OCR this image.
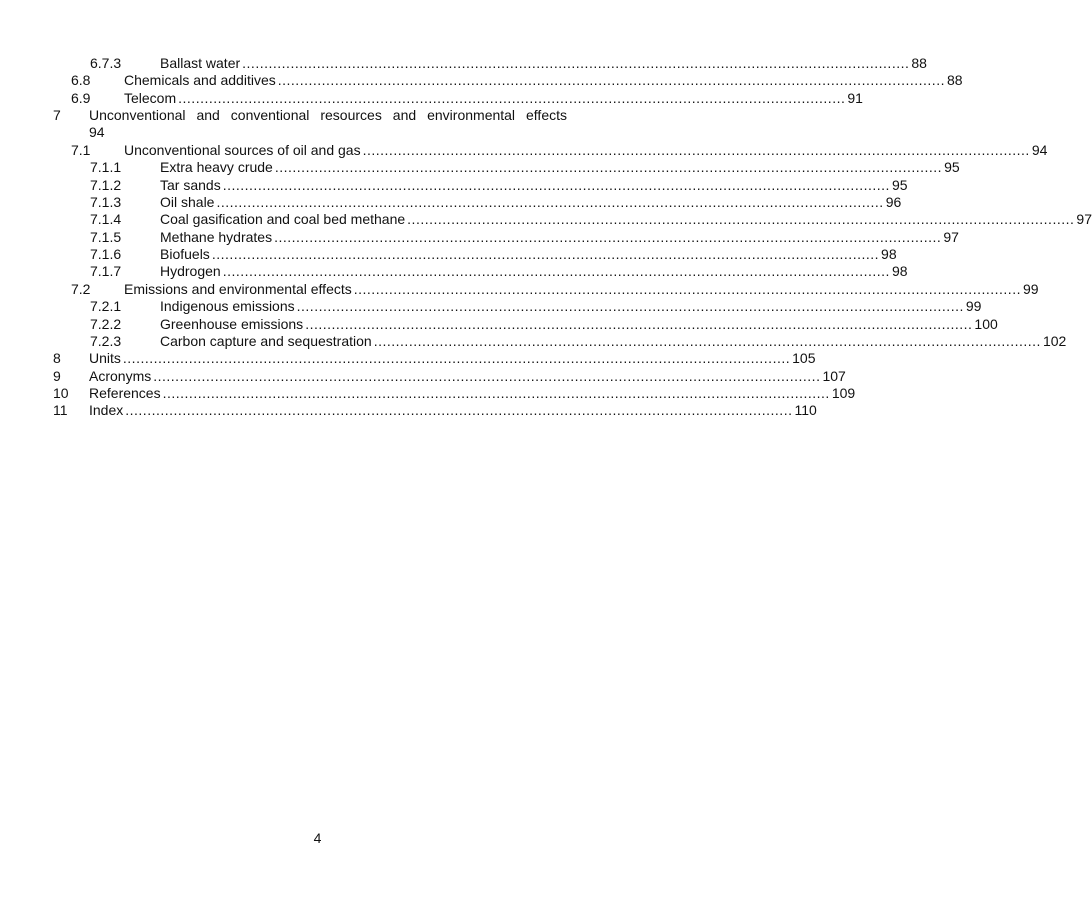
6.7.3	Ballast water ........................................................................................................................................................ 88
6.8 Chemicals and additives ........................................................................................................................................................ 88
6.9 Telecom ........................................................................................................................................................ 91
7 Unconventional and conventional resources and environmental effects
94
7.1 Unconventional sources of oil and gas ........................................................................................................................................................ 94
7.1.1	Extra heavy crude ........................................................................................................................................................ 95
7.1.2	Tar sands ........................................................................................................................................................ 95
7.1.3	Oil shale ........................................................................................................................................................ 96
7.1.4	Coal gasification and coal bed methane ........................................................................................................................................................ 97
7.1.5	Methane hydrates ........................................................................................................................................................ 97
7.1.6	Biofuels ........................................................................................................................................................ 98
7.1.7	Hydrogen ........................................................................................................................................................ 98
7.2 Emissions and environmental effects ........................................................................................................................................................ 99
7.2.1	Indigenous emissions ........................................................................................................................................................ 99
7.2.2	Greenhouse emissions ........................................................................................................................................................ 100
7.2.3	Carbon capture and sequestration ........................................................................................................................................................ 102
8 Units ........................................................................................................................................................ 105
9 Acronyms ........................................................................................................................................................ 107
10 References ........................................................................................................................................................ 109
11 Index ........................................................................................................................................................ 110
4
